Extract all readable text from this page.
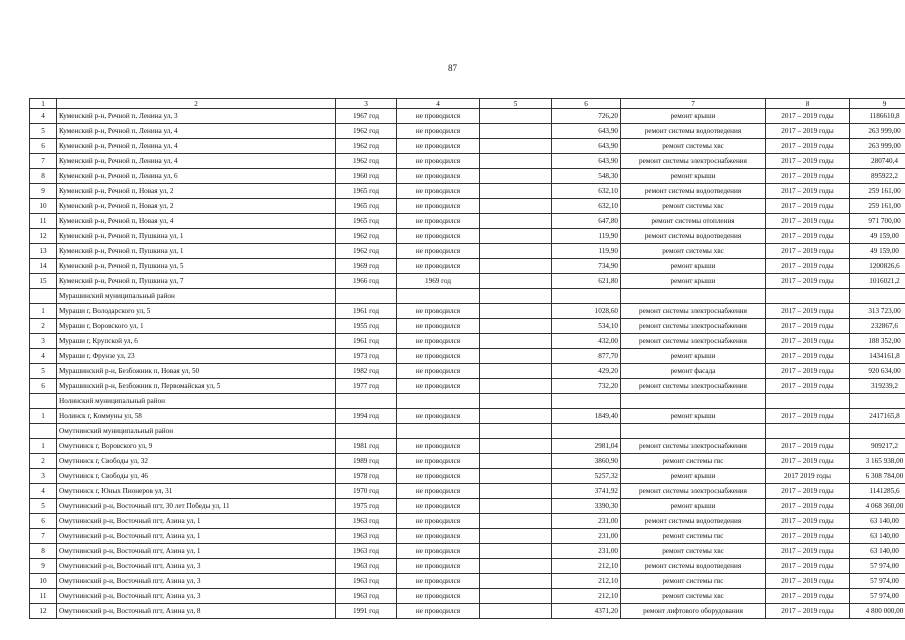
87
1	2	3	4	5	6	7	8	9
4	Куменский р-н, Речной п, Ленина ул, 3	1967 год	не проводился		726,20	ремонт крыши	2017 – 2019 годы	1186610,8
5	Куменский р-н, Речной п, Ленина ул, 4	1962 год	не проводился		643,90	ремонт системы водоотведения	2017 – 2019 годы	263 999,00
6	Куменский р-н, Речной п, Ленина ул, 4	1962 год	не проводился		643,90	ремонт системы хвс	2017 – 2019 годы	263 999,00
7	Куменский р-н, Речной п, Ленина ул, 4	1962 год	не проводился		643,90	ремонт системы электроснабжения	2017 – 2019 годы	280740,4
8	Куменский р-н, Речной п, Ленина ул, 6	1960 год	не проводился		548,30	ремонт крыши	2017 – 2019 годы	895922,2
9	Куменский р-н, Речной п, Новая ул, 2	1965 год	не проводился		632,10	ремонт системы водоотведения	2017 – 2019 годы	259 161,00
10	Куменский р-н, Речной п, Новая ул, 2	1965 год	не проводился		632,10	ремонт системы хвс	2017 – 2019 годы	259 161,00
11	Куменский р-н, Речной п, Новая ул, 4	1965 год	не проводился		647,80	ремонт системы отопления	2017 – 2019 годы	971 700,00
12	Куменский р-н, Речной п, Пушкина ул, 1	1962 год	не проводился		119,90	ремонт системы водоотведения	2017 – 2019 годы	49 159,00
13	Куменский р-н, Речной п, Пушкина ул, 1	1962 год	не проводился		119,90	ремонт системы хвс	2017 – 2019 годы	49 159,00
14	Куменский р-н, Речной п, Пушкина ул, 5	1969 год	не проводился		734,90	ремонт крыши	2017 – 2019 годы	1200826,6
15	Куменский р-н, Речной п, Пушкина ул, 7	1966 год	1969 год		621,80	ремонт крыши	2017 – 2019 годы	1016021,2
	Мурашинский муниципальный район							
1	Мураши г, Володарского ул, 5	1961 год	не проводился		1028,60	ремонт системы электроснабжения	2017 – 2019 годы	313 723,00
2	Мураши г, Воровского ул, 1	1955 год	не проводился		534,10	ремонт системы электроснабжения	2017 – 2019 годы	232867,6
3	Мураши г, Крупской ул, 6	1961 год	не проводился		432,00	ремонт системы электроснабжения	2017 – 2019 годы	188 352,00
4	Мураши г, Фрунзе ул, 23	1973 год	не проводился		877,70	ремонт крыши	2017 – 2019 годы	1434161,8
5	Мурашинский р-н, Безбожник п, Новая ул, 50	1982 год	не проводился		429,20	ремонт фасада	2017 – 2019 годы	920 634,00
6	Мурашинский р-н, Безбожник п, Первомайская ул, 5	1977 год	не проводился		732,20	ремонт системы электроснабжения	2017 – 2019 годы	319239,2
	Нолинский муниципальный район							
1	Нолинск г, Коммуны ул, 58	1994 год	не проводился		1849,40	ремонт крыши	2017 – 2019 годы	2417165,8
	Омутнинский муниципальный район							
1	Омутнинск г, Воровского ул, 9	1981 год	не проводился		2981,04	ремонт системы электроснабжения	2017 – 2019 годы	909217,2
2	Омутнинск г, Свободы ул, 32	1989 год	не проводился		3860,90	ремонт системы гвс	2017 – 2019 годы	3 165 938,00
3	Омутнинск г, Свободы ул, 46	1978 год	не проводился		5257,32	ремонт крыши	2017 2019 годы	6 308 784,00
4	Омутнинск г, Юных Пионеров ул, 31	1970 год	не проводился		3741,92	ремонт системы электроснабжения	2017 – 2019 годы	1141285,6
5	Омутнинский р-н, Восточный пгт, 30 лет Победы ул, 11	1975 год	не проводился		3390,30	ремонт крыши	2017 – 2019 годы	4 068 360,00
6	Омутнинский р-н, Восточный пгт, Азина ул, 1	1963 год	не проводился		231,00	ремонт системы водоотведения	2017 – 2019 годы	63 140,00
7	Омутнинский р-н, Восточный пгт, Азина ул, 1	1963 год	не проводился		231,00	ремонт системы гвс	2017 – 2019 годы	63 140,00
8	Омутнинский р-н, Восточный пгт, Азина ул, 1	1963 год	не проводился		231,00	ремонт системы хвс	2017 – 2019 годы	63 140,00
9	Омутнинский р-н, Восточный пгт, Азина ул, 3	1963 год	не проводился		212,10	ремонт системы водоотведения	2017 – 2019 годы	57 974,00
10	Омутнинский р-н, Восточный пгт, Азина ул, 3	1963 год	не проводился		212,10	ремонт системы гвс	2017 – 2019 годы	57 974,00
11	Омутнинский р-н, Восточный пгт, Азина ул, 3	1963 год	не проводился		212,10	ремонт системы хвс	2017 – 2019 годы	57 974,00
12	Омутнинский р-н, Восточный пгт, Азина ул, 8	1991 год	не проводился		4371,20	ремонт лифтового оборудования	2017 – 2019 годы	4 800 000,00
